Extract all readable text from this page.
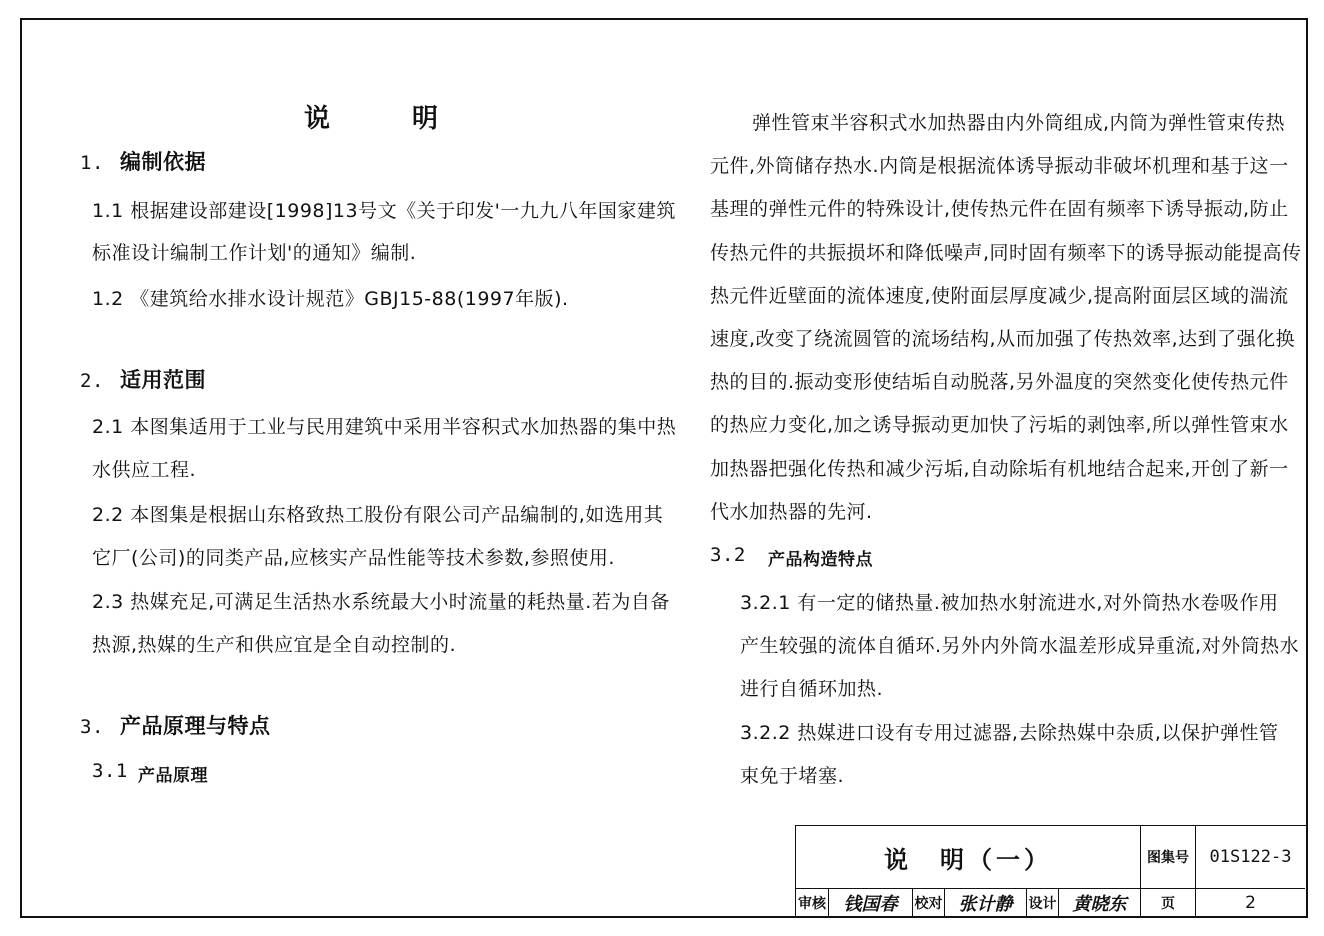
说　明
1. 编制依据
1.1 根据建设部建设[1998]13号文《关于印发'一九九八年国家建筑
标准设计编制工作计划'的通知》编制.
1.2 《建筑给水排水设计规范》GBJ15-88(1997年版).
2. 适用范围
2.1 本图集适用于工业与民用建筑中采用半容积式水加热器的集中热
水供应工程.
2.2 本图集是根据山东格致热工股份有限公司产品编制的,如选用其
它厂(公司)的同类产品,应核实产品性能等技术参数,参照使用.
2.3 热媒充足,可满足生活热水系统最大小时流量的耗热量.若为自备
热源,热媒的生产和供应宜是全自动控制的.
3. 产品原理与特点
3.1 产品原理
弹性管束半容积式水加热器由内外筒组成,内筒为弹性管束传热
元件,外筒储存热水.内筒是根据流体诱导振动非破坏机理和基于这一
基理的弹性元件的特殊设计,使传热元件在固有频率下诱导振动,防止
传热元件的共振损坏和降低噪声,同时固有频率下的诱导振动能提高传
热元件近壁面的流体速度,使附面层厚度减少,提高附面层区域的湍流
速度,改变了绕流圆管的流场结构,从而加强了传热效率,达到了强化换
热的目的.振动变形使结垢自动脱落,另外温度的突然变化使传热元件
的热应力变化,加之诱导振动更加快了污垢的剥蚀率,所以弹性管束水
加热器把强化传热和减少污垢,自动除垢有机地结合起来,开创了新一
代水加热器的先河.
3.2 产品构造特点
3.2.1 有一定的储热量.被加热水射流进水,对外筒热水卷吸作用
产生较强的流体自循环.另外内外筒水温差形成异重流,对外筒热水
进行自循环加热.
3.2.2 热媒进口设有专用过滤器,去除热媒中杂质,以保护弹性管
束免于堵塞.
说　明（一）	图集号 01S122-3
审核 钱国春 校对 张计静 设计 黄晓东 页	2
